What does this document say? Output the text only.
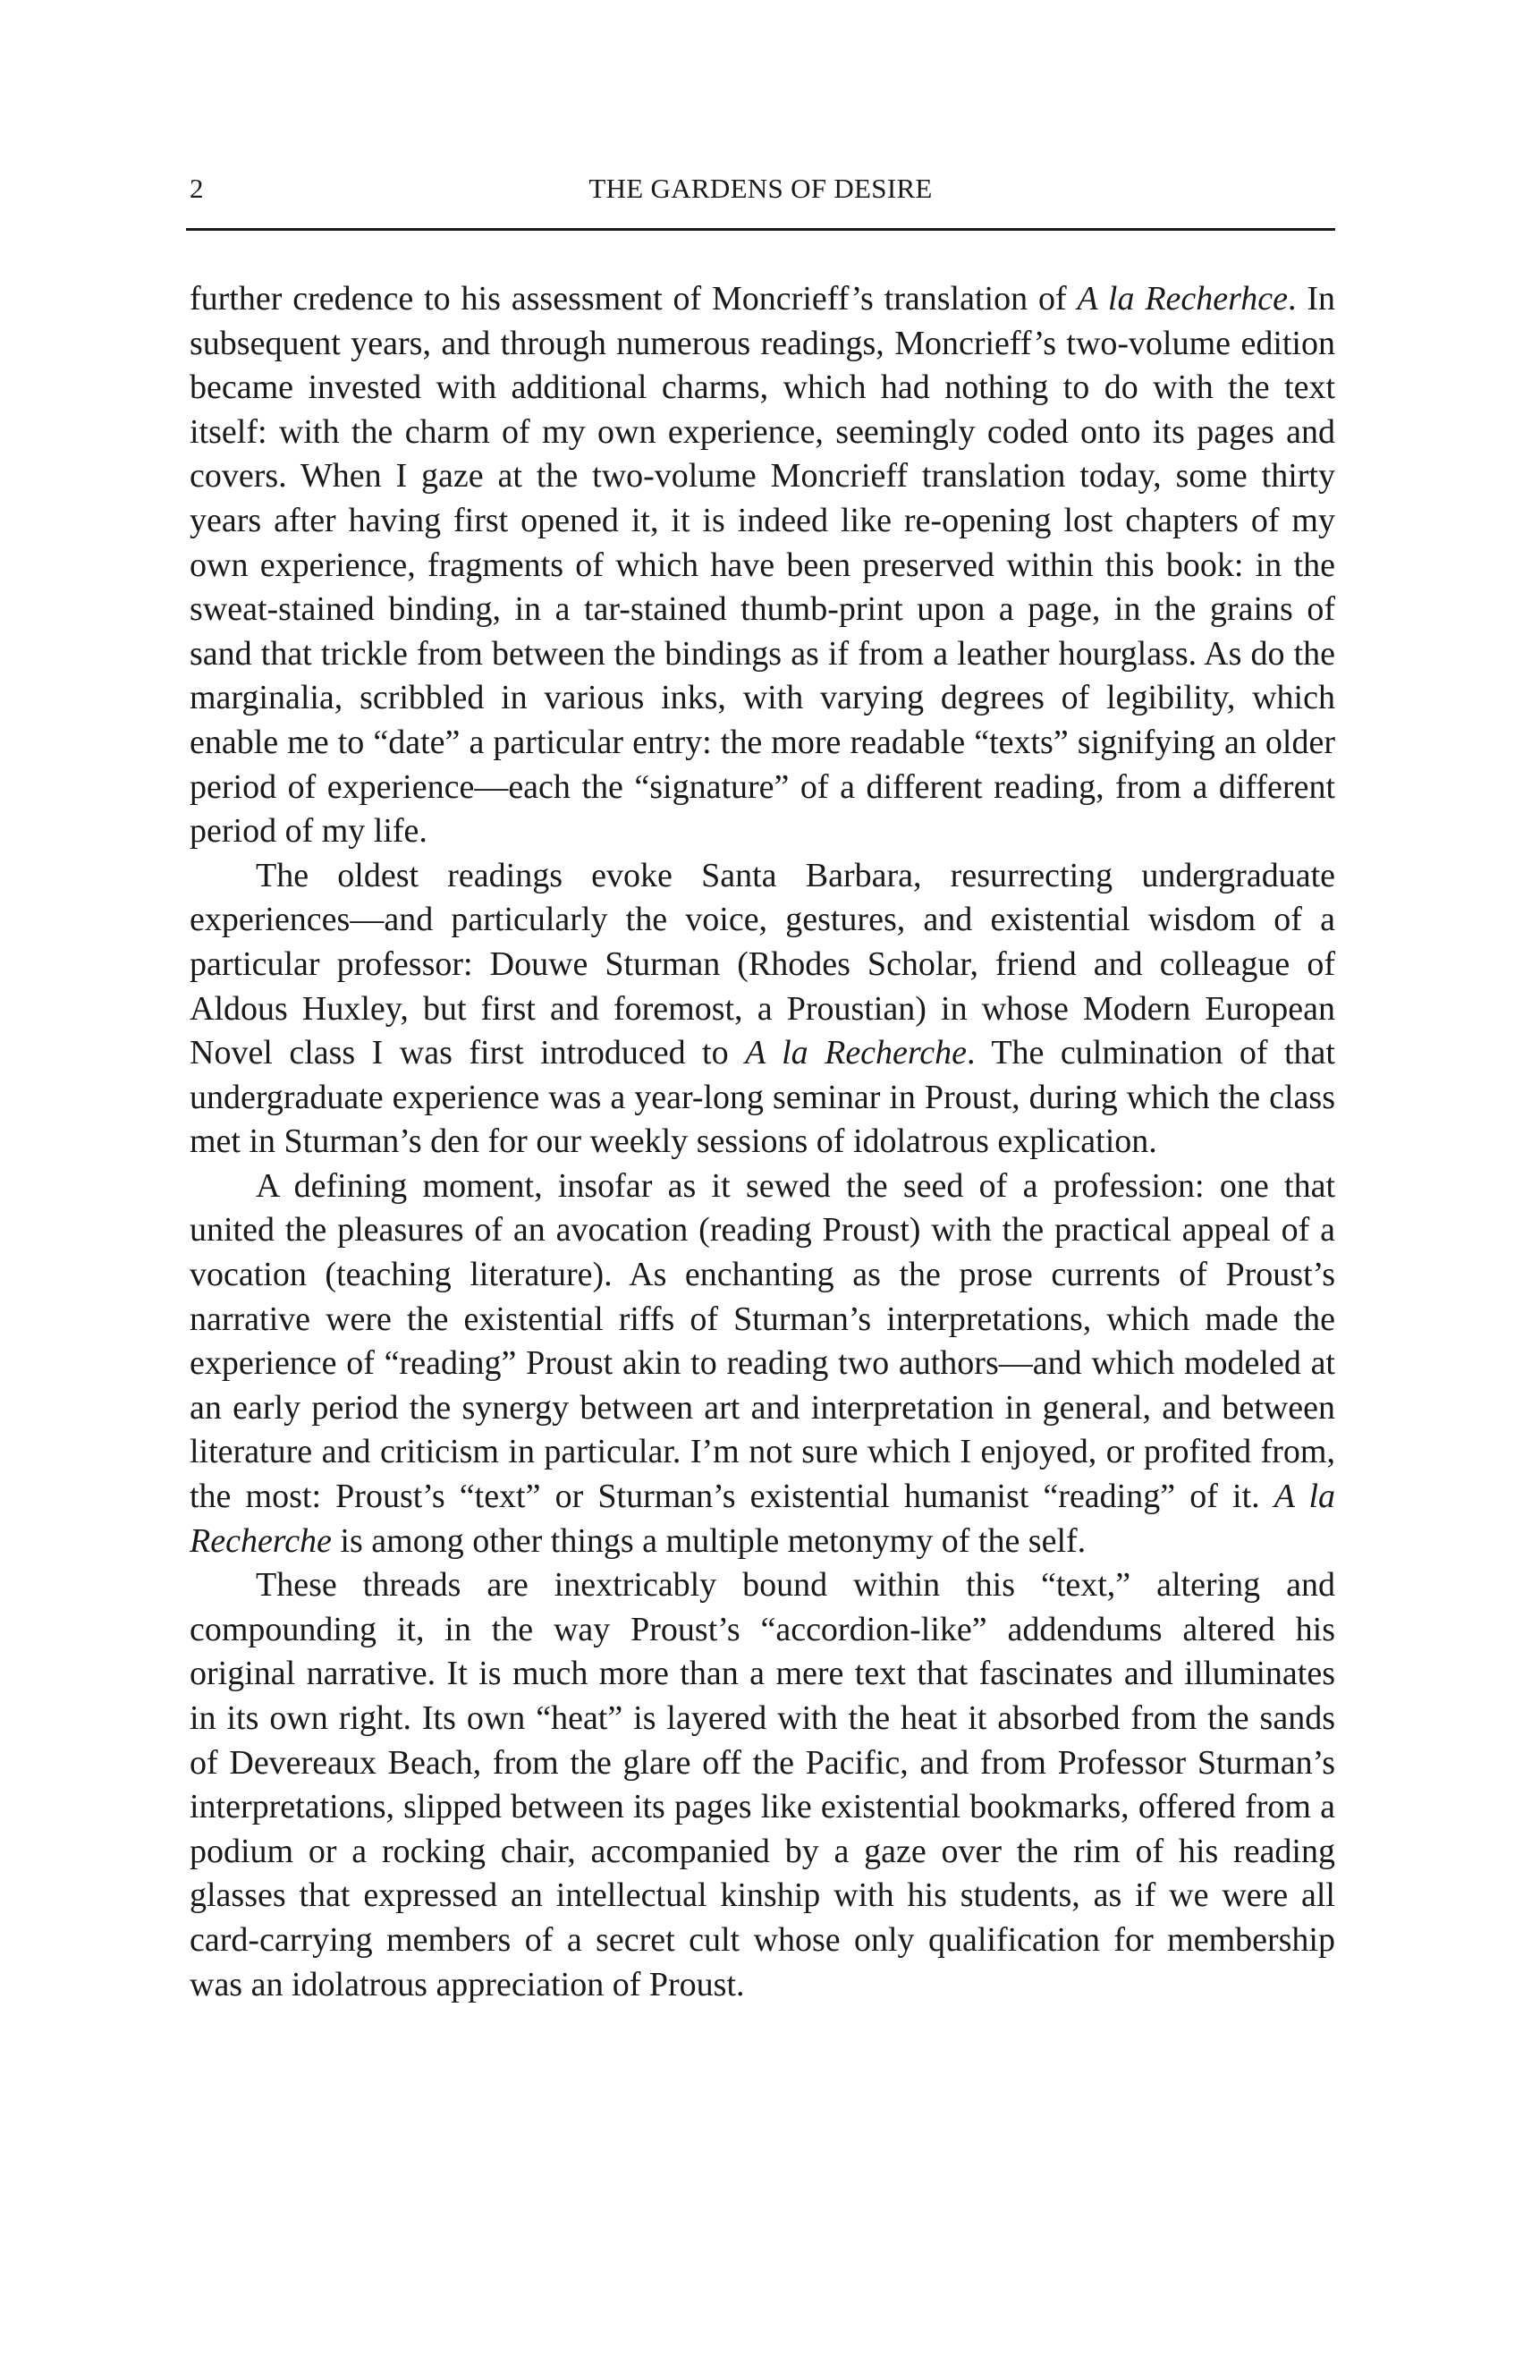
2	THE GARDENS OF DESIRE

further credence to his assessment of Moncrieff’s translation of A la Recherhce. In subsequent years, and through numerous readings, Moncrieff’s two-volume edition became invested with additional charms, which had nothing to do with the text itself: with the charm of my own experience, seemingly coded onto its pages and covers. When I gaze at the two-volume Moncrieff translation today, some thirty years after having first opened it, it is indeed like re-opening lost chapters of my own experience, fragments of which have been preserved within this book: in the sweat-stained binding, in a tar-stained thumb-print upon a page, in the grains of sand that trickle from between the bindings as if from a leather hourglass. As do the marginalia, scribbled in various inks, with varying degrees of legibility, which enable me to “date” a particular entry: the more readable “texts” signifying an older period of experience—each the “signature” of a different reading, from a different period of my life.

The oldest readings evoke Santa Barbara, resurrecting undergraduate experiences—and particularly the voice, gestures, and existential wisdom of a particular professor: Douwe Sturman (Rhodes Scholar, friend and colleague of Aldous Huxley, but first and foremost, a Proustian) in whose Modern European Novel class I was first introduced to A la Recherche. The culmination of that undergraduate experience was a year-long seminar in Proust, during which the class met in Sturman’s den for our weekly sessions of idolatrous explication.

A defining moment, insofar as it sewed the seed of a profession: one that united the pleasures of an avocation (reading Proust) with the practical appeal of a vocation (teaching literature). As enchanting as the prose currents of Proust’s narrative were the existential riffs of Sturman’s interpretations, which made the experience of “reading” Proust akin to reading two authors—and which modeled at an early period the synergy between art and interpretation in general, and between literature and criticism in particular. I’m not sure which I enjoyed, or profited from, the most: Proust’s “text” or Sturman’s existential humanist “reading” of it. A la Recherche is among other things a multiple metonymy of the self.

These threads are inextricably bound within this “text,” altering and compounding it, in the way Proust’s “accordion-like” addendums altered his original narrative. It is much more than a mere text that fascinates and illuminates in its own right. Its own “heat” is layered with the heat it absorbed from the sands of Devereaux Beach, from the glare off the Pacific, and from Professor Sturman’s interpretations, slipped between its pages like existential bookmarks, offered from a podium or a rocking chair, accompanied by a gaze over the rim of his reading glasses that expressed an intellectual kinship with his students, as if we were all card-carrying members of a secret cult whose only qualification for membership was an idolatrous appreciation of Proust.
